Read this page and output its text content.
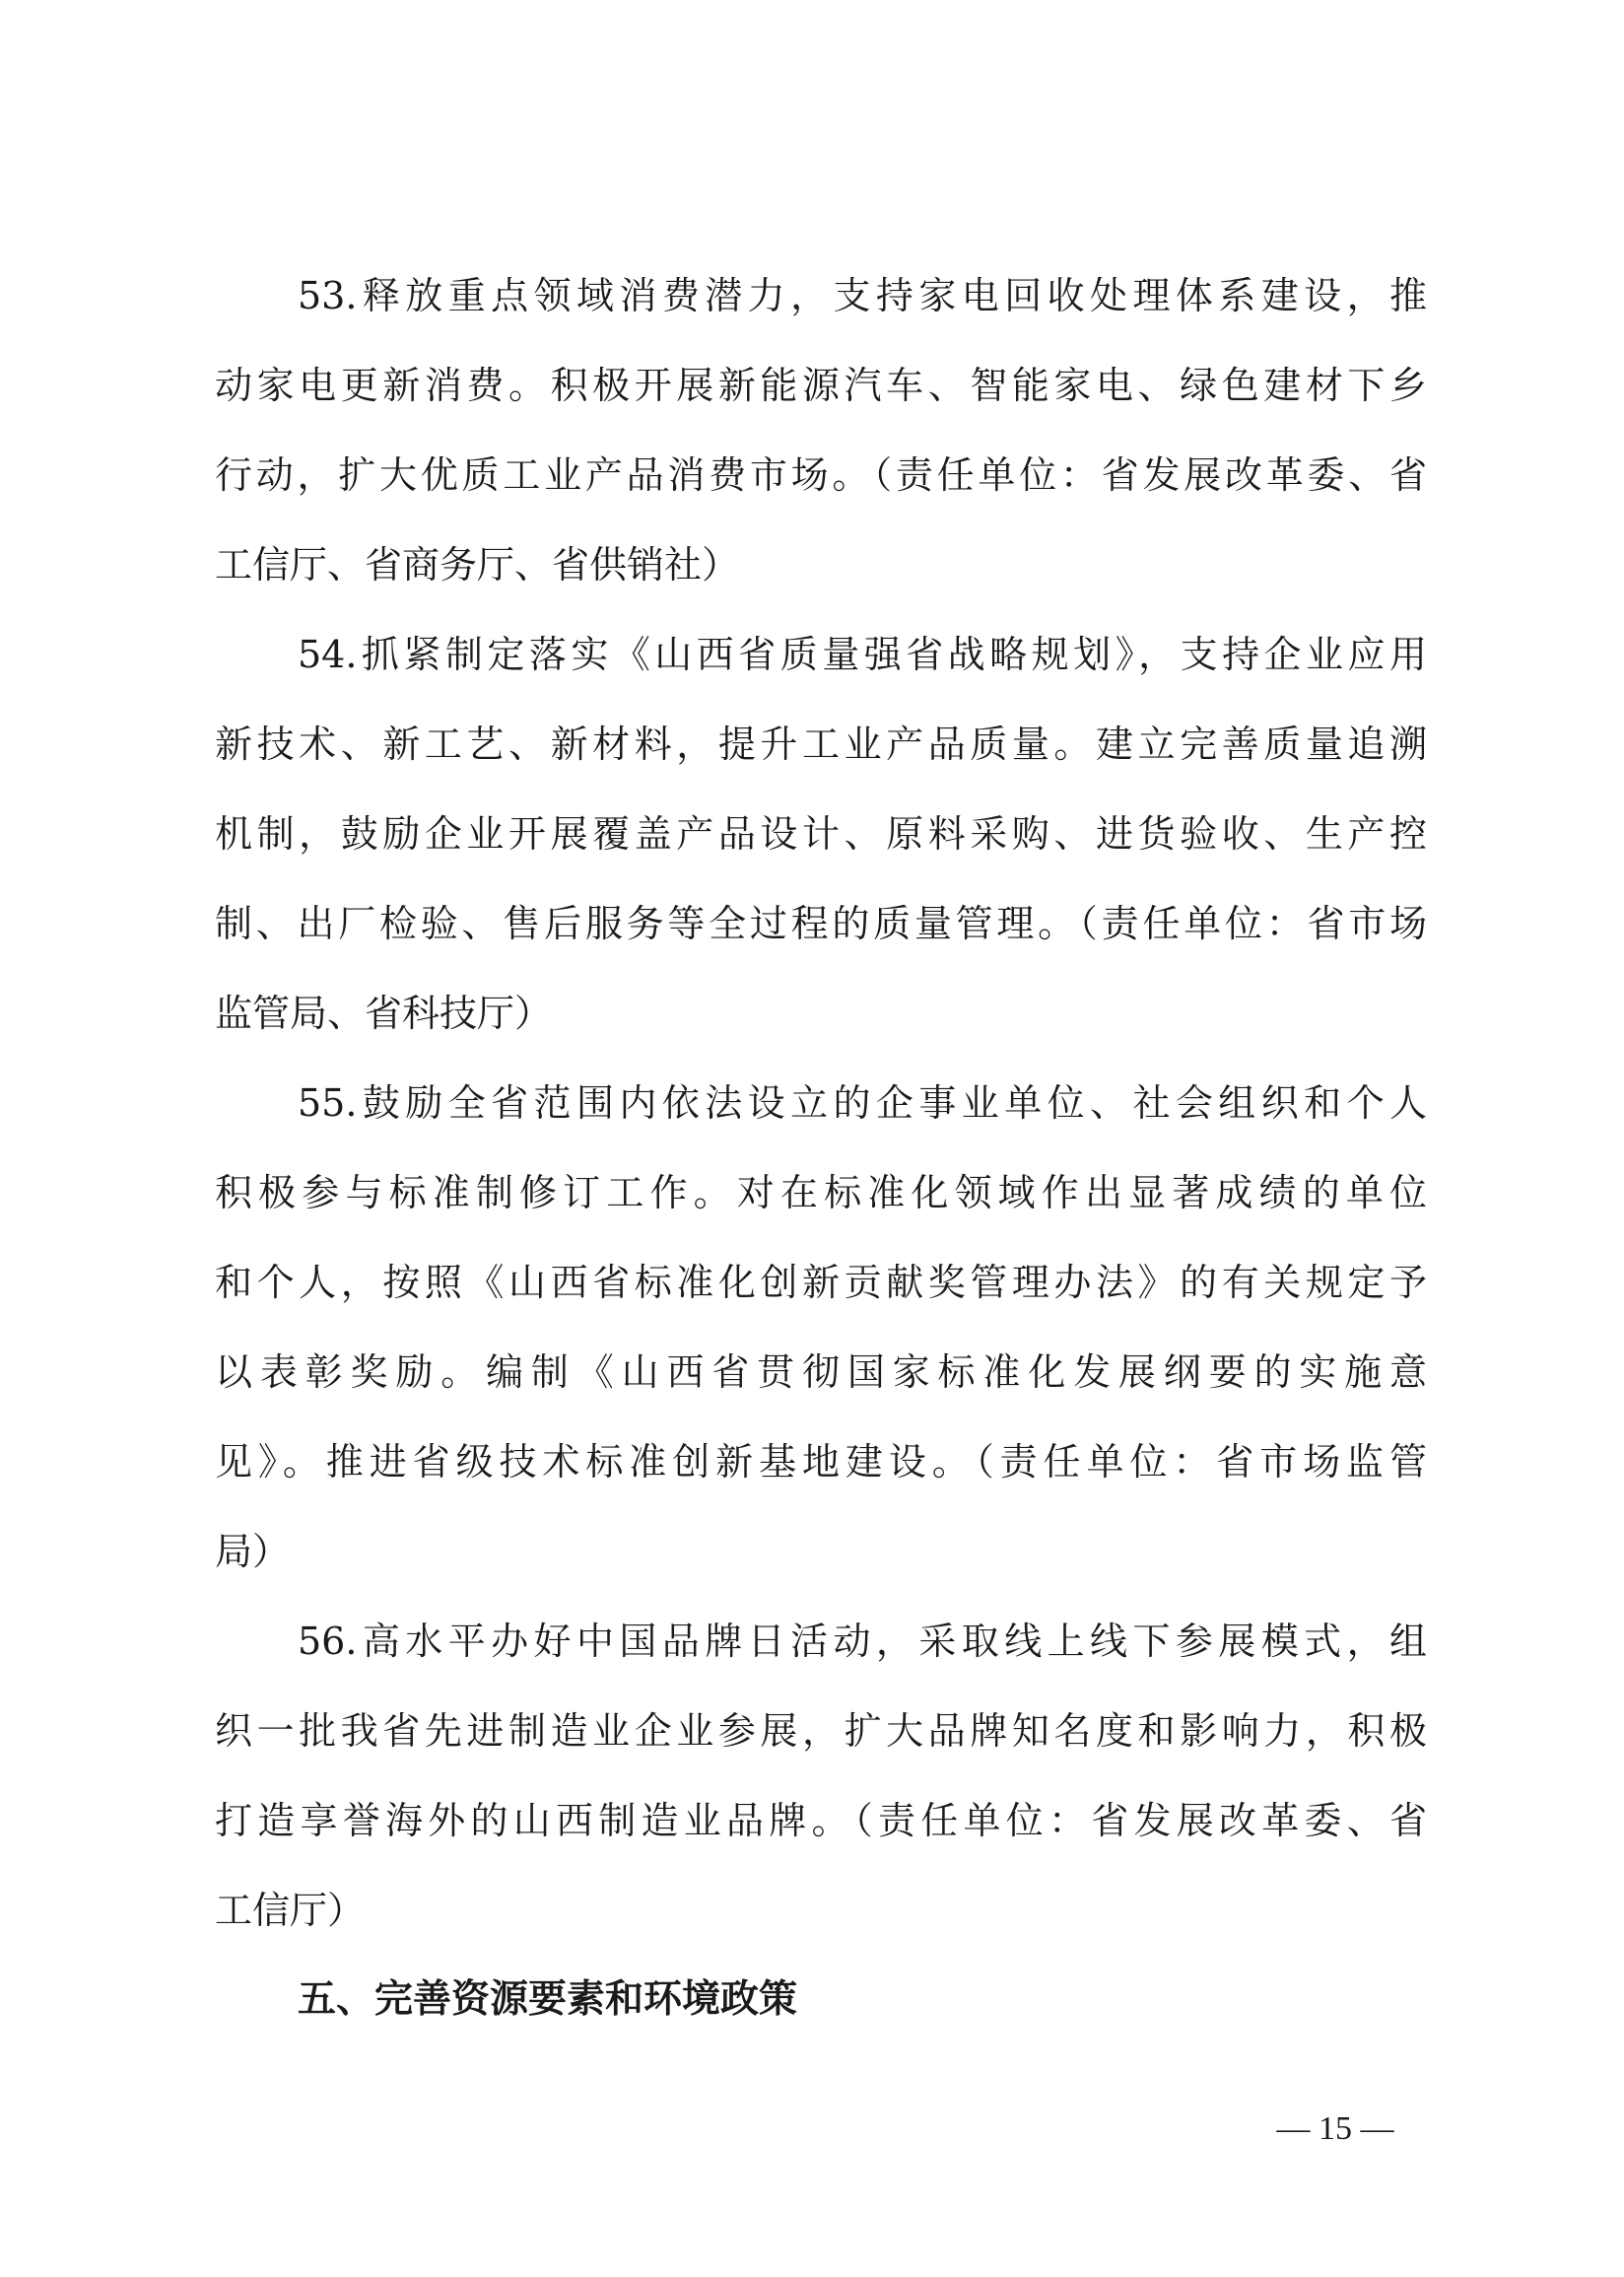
53.释放重点领域消费潜力，支持家电回收处理体系建设，推
动家电更新消费。积极开展新能源汽车、智能家电、绿色建材下乡
行动，扩大优质工业产品消费市场。（责任单位：省发展改革委、省
工信厅、省商务厅、省供销社）
54.抓紧制定落实《山西省质量强省战略规划》，支持企业应用
新技术、新工艺、新材料，提升工业产品质量。建立完善质量追溯
机制，鼓励企业开展覆盖产品设计、原料采购、进货验收、生产控
制、出厂检验、售后服务等全过程的质量管理。（责任单位：省市场
监管局、省科技厅）
55.鼓励全省范围内依法设立的企事业单位、社会组织和个人
积极参与标准制修订工作。对在标准化领域作出显著成绩的单位
和个人，按照《山西省标准化创新贡献奖管理办法》的有关规定予
以表彰奖励。编制《山西省贯彻国家标准化发展纲要的实施意
见》。推进省级技术标准创新基地建设。（责任单位：省市场监管
局）
56.高水平办好中国品牌日活动，采取线上线下参展模式，组
织一批我省先进制造业企业参展，扩大品牌知名度和影响力，积极
打造享誉海外的山西制造业品牌。（责任单位：省发展改革委、省
工信厅）
五、完善资源要素和环境政策
— 15 —
